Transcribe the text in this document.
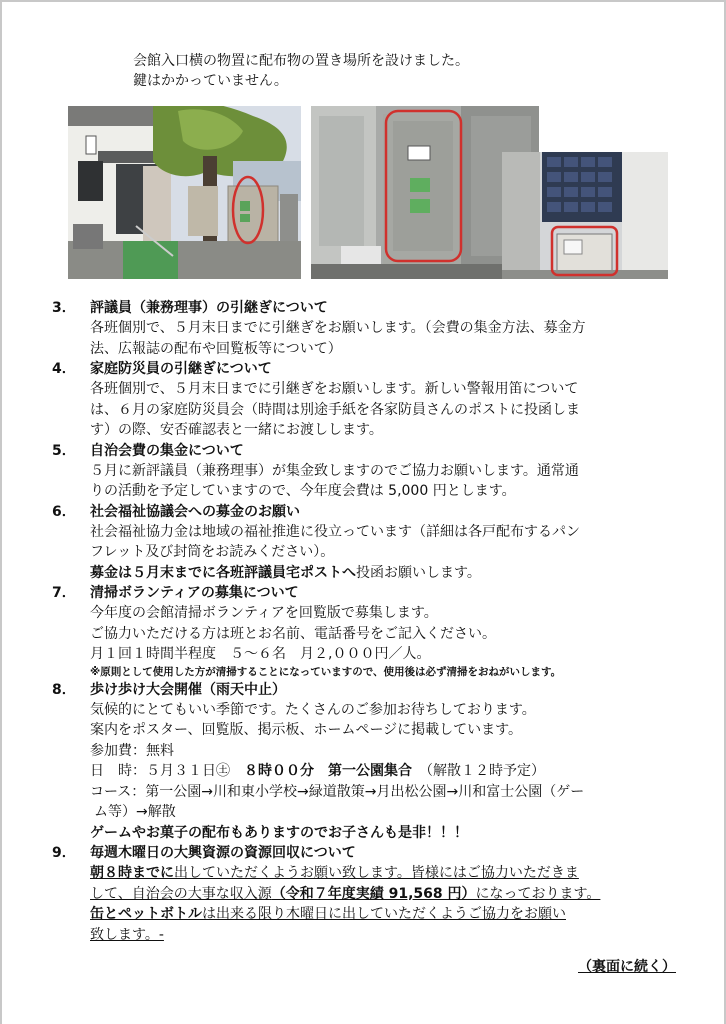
会館入口横の物置に配布物の置き場所を設けました。
鍵はかかっていません。
3．	評議員（兼務理事）の引継ぎについて
各班個別で、５月末日までに引継ぎをお願いします。（会費の集金方法、募金方
法、広報誌の配布や回覧板等について）
4．	家庭防災員の引継ぎについて
各班個別で、５月末日までに引継ぎをお願いします。新しい警報用笛について
は、６月の家庭防災員会（時間は別途手紙を各家防員さんのポストに投函しま
す）の際、安否確認表と一緒にお渡しします。
5．	自治会費の集金について
５月に新評議員（兼務理事）が集金致しますのでご協力お願いします。通常通
りの活動を予定していますので、今年度会費は 5,000 円とします。
6．	社会福祉協議会への募金のお願い
社会福祉協力金は地域の福祉推進に役立っています（詳細は各戸配布するパン
フレット及び封筒をお読みください）。
募金は５月末までに各班評議員宅ポストへ投函お願いします。
7．	清掃ボランティアの募集について
今年度の会館清掃ボランティアを回覧版で募集します。
ご協力いただける方は班とお名前、電話番号をご記入ください。
月１回１時間半程度　５～６名　月２,０００円／人。
※原則として使用した方が清掃することになっていますので、使用後は必ず清掃をおねがいします。
8．	歩け歩け大会開催（雨天中止）
気候的にとてもいい季節です。たくさんのご参加お待ちしております。
案内をポスター、回覧版、掲示板、ホームページに掲載しています。
参加費：無料
日　時：５月３１日㊏　８時００分　第一公園集合　（解散１２時予定）
コース：第一公園→川和東小学校→緑道散策→月出松公園→川和富士公園（ゲー
ム等）→解散
ゲームやお菓子の配布もありますのでお子さんも是非！！！
9．	毎週木曜日の大興資源の資源回収について
朝８時までに出していただくようお願い致します。皆様にはご協力いただきま
して、自治会の大事な収入源（令和７年度実績 91,568 円）になっております。
缶とペットボトルは出来る限り木曜日に出していただくようご協力をお願い
致します。-
（裏面に続く）
